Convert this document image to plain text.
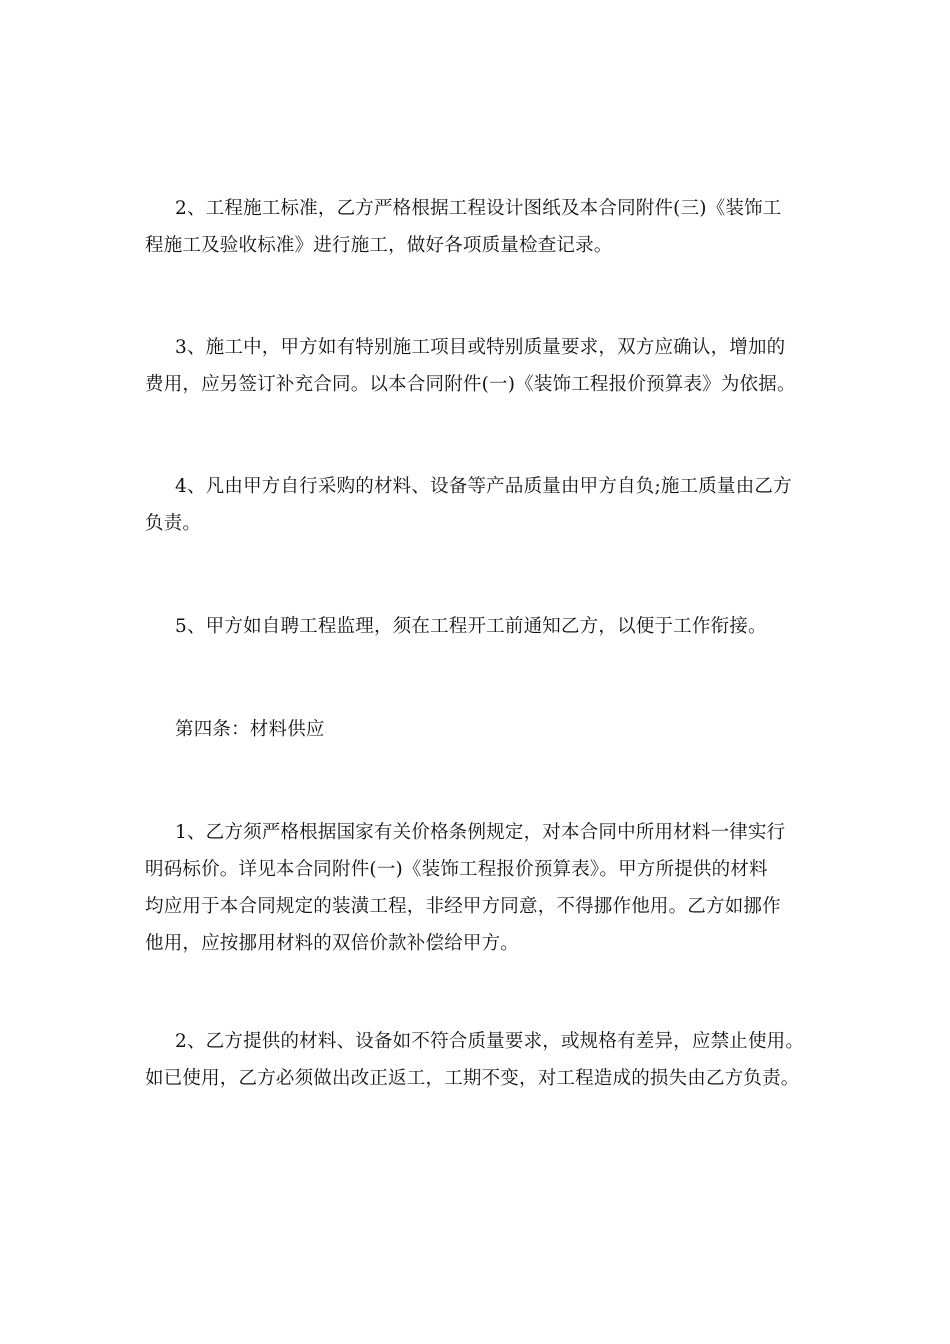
2、工程施工标准，乙方严格根据工程设计图纸及本合同附件(三)《装饰工
程施工及验收标准》进行施工，做好各项质量检查记录。
3、施工中，甲方如有特别施工项目或特别质量要求，双方应确认，增加的
费用，应另签订补充合同。以本合同附件(一)《装饰工程报价预算表》为依据。
4、凡由甲方自行采购的材料、设备等产品质量由甲方自负;施工质量由乙方
负责。
5、甲方如自聘工程监理，须在工程开工前通知乙方，以便于工作衔接。
第四条：材料供应
1、乙方须严格根据国家有关价格条例规定，对本合同中所用材料一律实行
明码标价。详见本合同附件(一)《装饰工程报价预算表》。甲方所提供的材料
均应用于本合同规定的装潢工程，非经甲方同意，不得挪作他用。乙方如挪作
他用，应按挪用材料的双倍价款补偿给甲方。
2、乙方提供的材料、设备如不符合质量要求，或规格有差异，应禁止使用。
如已使用，乙方必须做出改正返工，工期不变，对工程造成的损失由乙方负责。
